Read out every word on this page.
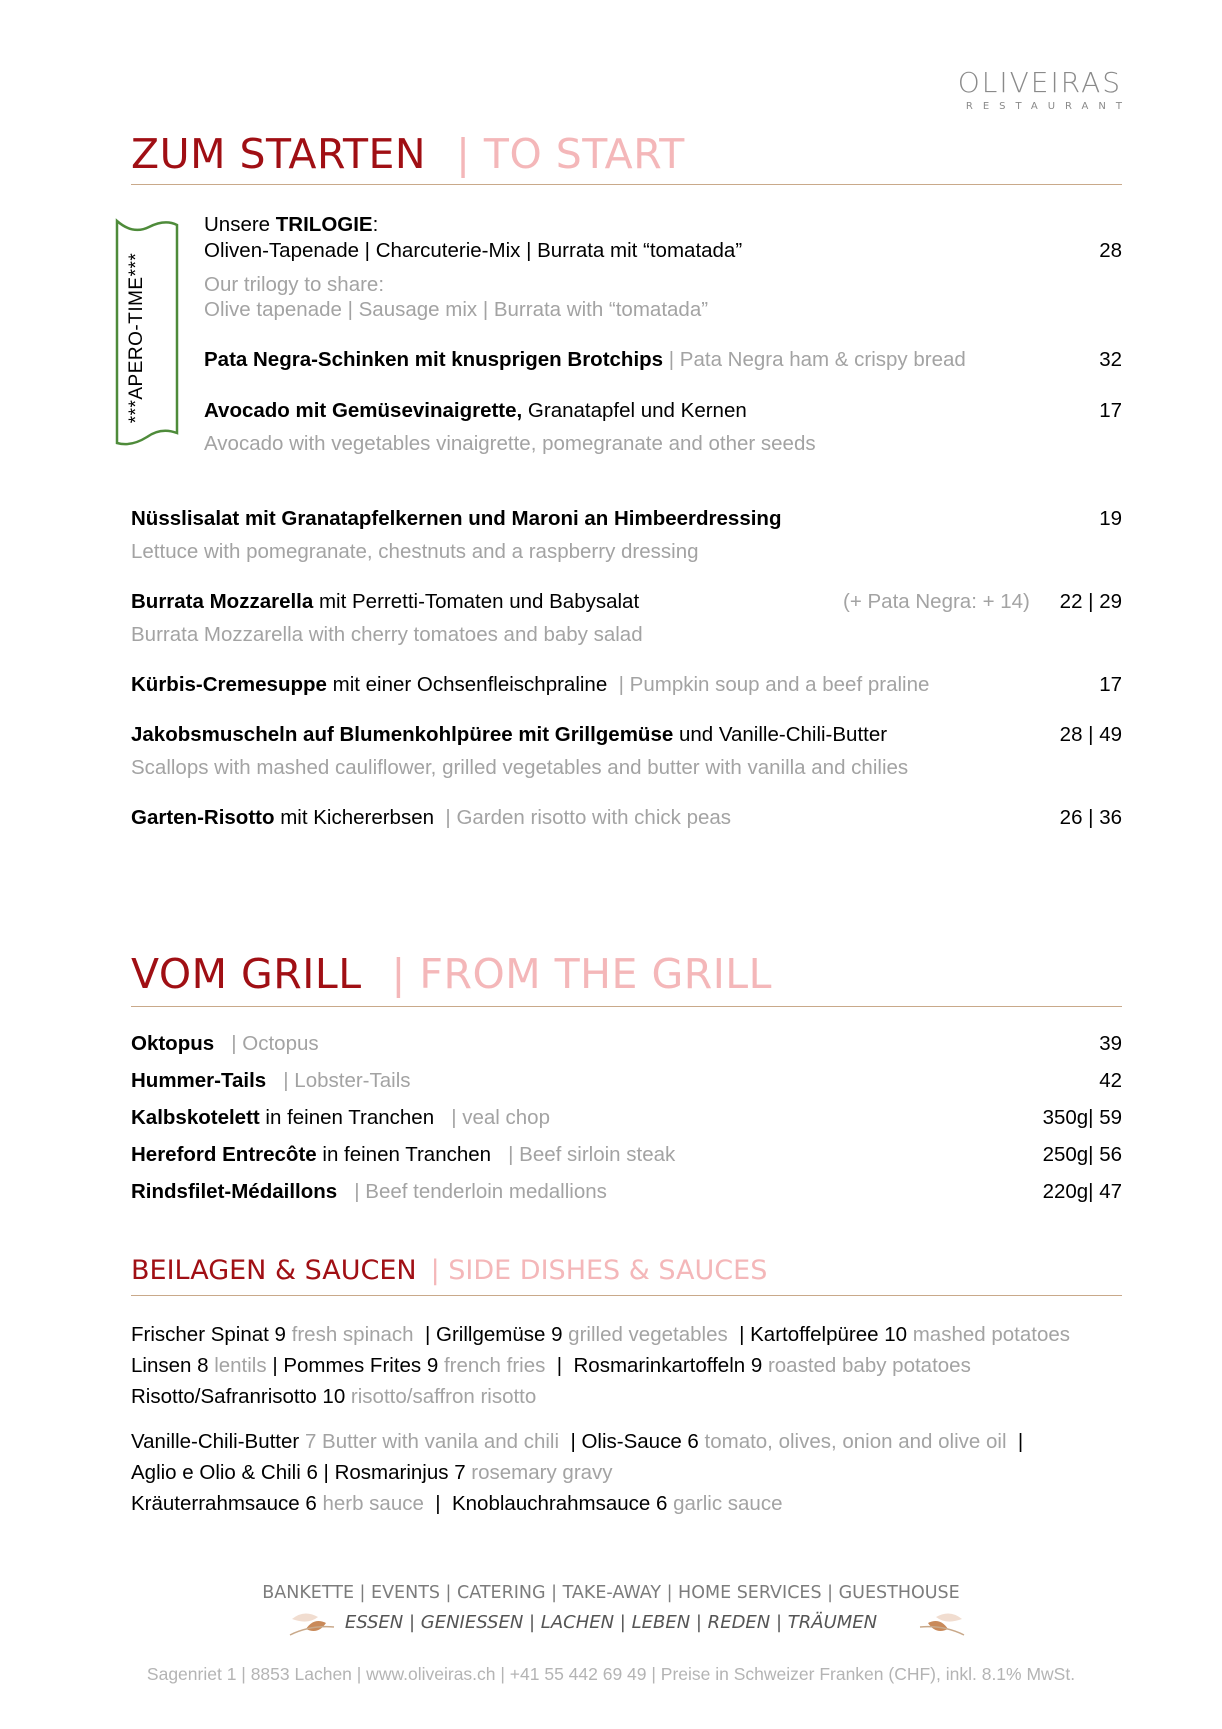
OLIVEIRAS
RESTAURANT
ZUM STARTEN | TO START
***APERO-TIME***
Unsere TRILOGIE:
Oliven-Tapenade | Charcuterie-Mix | Burrata mit “tomatada”	28
Our trilogy to share:
Olive tapenade | Sausage mix | Burrata with “tomatada”
Pata Negra-Schinken mit knusprigen Brotchips | Pata Negra ham & crispy bread	32
Avocado mit Gemüsevinaigrette, Granatapfel und Kernen	17
Avocado with vegetables vinaigrette, pomegranate and other seeds
Nüsslisalat mit Granatapfelkernen und Maroni an Himbeerdressing	19
Lettuce with pomegranate, chestnuts and a raspberry dressing
Burrata Mozzarella mit Perretti-Tomaten und Babysalat	(+ Pata Negra: + 14) 22 | 29
Burrata Mozzarella with cherry tomatoes and baby salad
Kürbis-Cremesuppe mit einer Ochsenfleischpraline | Pumpkin soup and a beef praline	17
Jakobsmuscheln auf Blumenkohlpüree mit Grillgemüse und Vanille-Chili-Butter	28 | 49
Scallops with mashed cauliflower, grilled vegetables and butter with vanilla and chilies
Garten-Risotto mit Kichererbsen | Garden risotto with chick peas	26 | 36
VOM GRILL | FROM THE GRILL
Oktopus | Octopus	39
Hummer-Tails | Lobster-Tails	42
Kalbskotelett in feinen Tranchen | veal chop	350g| 59
Hereford Entrecôte in feinen Tranchen | Beef sirloin steak	250g| 56
Rindsfilet-Médaillons | Beef tenderloin medallions	220g| 47
BEILAGEN & SAUCEN | SIDE DISHES & SAUCES
Frischer Spinat 9 fresh spinach  | Grillgemüse 9 grilled vegetables  | Kartoffelpüree 10 mashed potatoes
Linsen 8 lentils | Pommes Frites 9 french fries  |  Rosmarinkartoffeln 9 roasted baby potatoes
Risotto/Safranrisotto 10 risotto/saffron risotto
Vanille-Chili-Butter 7 Butter with vanila and chili  | Olis-Sauce 6 tomato, olives, onion and olive oil  |
Aglio e Olio & Chili 6 | Rosmarinjus 7 rosemary gravy
Kräuterrahmsauce 6 herb sauce  |  Knoblauchrahmsauce 6 garlic sauce
BANKETTE | EVENTS | CATERING | TAKE-AWAY | HOME SERVICES | GUESTHOUSE
ESSEN | GENIESSEN | LACHEN | LEBEN | REDEN | TRÄUMEN
Sagenriet 1 | 8853 Lachen | www.oliveiras.ch | +41 55 442 69 49 | Preise in Schweizer Franken (CHF), inkl. 8.1% MwSt.
